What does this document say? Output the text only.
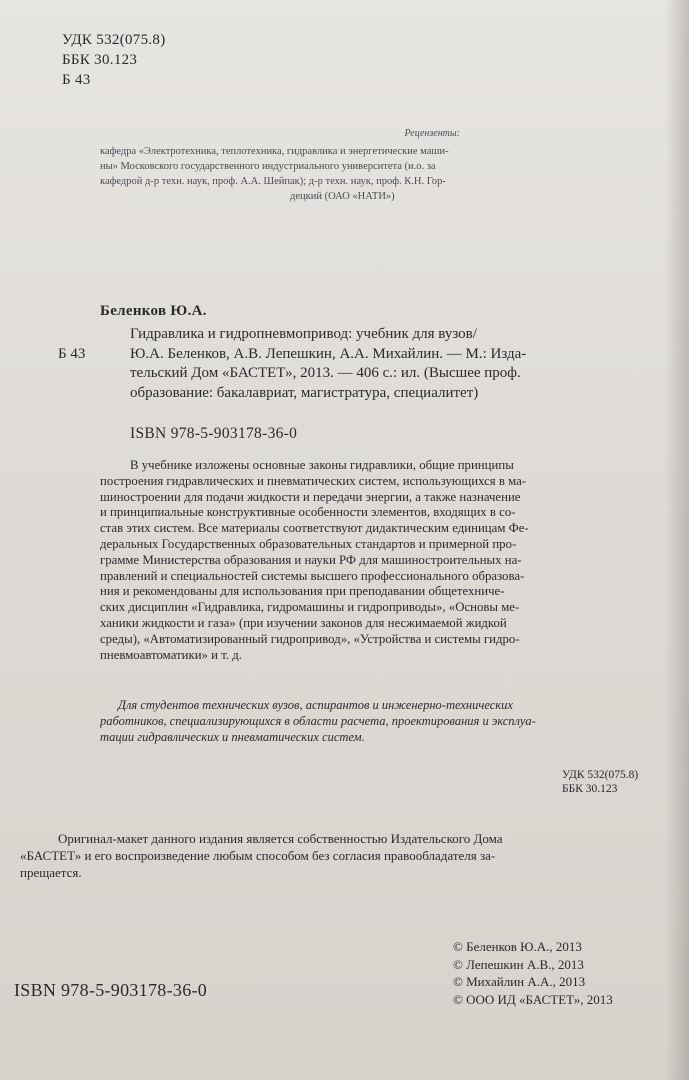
УДК 532(075.8)
ББК 30.123
Б 43
Рецензенты:
кафедра «Электротехника, теплотехника, гидравлика и энергетические маши-
ны» Московского государственного индустриального университета (и.о. за
кафедрой д-р техн. наук, проф. А.А. Шейпак); д-р техн. наук, проф. К.Н. Гор-
децкий (ОАО «НАТИ»)
Беленков Ю.А.
Гидравлика и гидропневмопривод: учебник для вузов/
Б 43	Ю.А. Беленков, А.В. Лепешкин, А.А. Михайлин. — М.: Изда-
тельский Дом «БАСТЕТ», 2013. — 406 с.: ил. (Высшее проф.
образование: бакалавриат, магистратура, специалитет)
ISBN 978-5-903178-36-0
В учебнике изложены основные законы гидравлики, общие принципы
построения гидравлических и пневматических систем, использующихся в ма-
шиностроении для подачи жидкости и передачи энергии, а также назначение
и принципиальные конструктивные особенности элементов, входящих в со-
став этих систем. Все материалы соответствуют дидактическим единицам Фе-
деральных Государственных образовательных стандартов и примерной про-
грамме Министерства образования и науки РФ для машиностроительных на-
правлений и специальностей системы высшего профессионального образова-
ния и рекомендованы для использования при преподавании общетехниче-
ских дисциплин «Гидравлика, гидромашины и гидроприводы», «Основы ме-
ханики жидкости и газа» (при изучении законов для несжимаемой жидкой
среды), «Автоматизированный гидропривод», «Устройства и системы гидро-
пневмоавтоматики» и т. д.
Для студентов технических вузов, аспирантов и инженерно-технических
работников, специализирующихся в области расчета, проектирования и эксплуа-
тации гидравлических и пневматических систем.
УДК 532(075.8)
ББК 30.123
Оригинал-макет данного издания является собственностью Издательского Дома
«БАСТЕТ» и его воспроизведение любым способом без согласия правообладателя за-
прещается.
© Беленков Ю.А., 2013
© Лепешкин А.В., 2013
© Михайлин А.А., 2013
© ООО ИД «БАСТЕТ», 2013
ISBN 978-5-903178-36-0
